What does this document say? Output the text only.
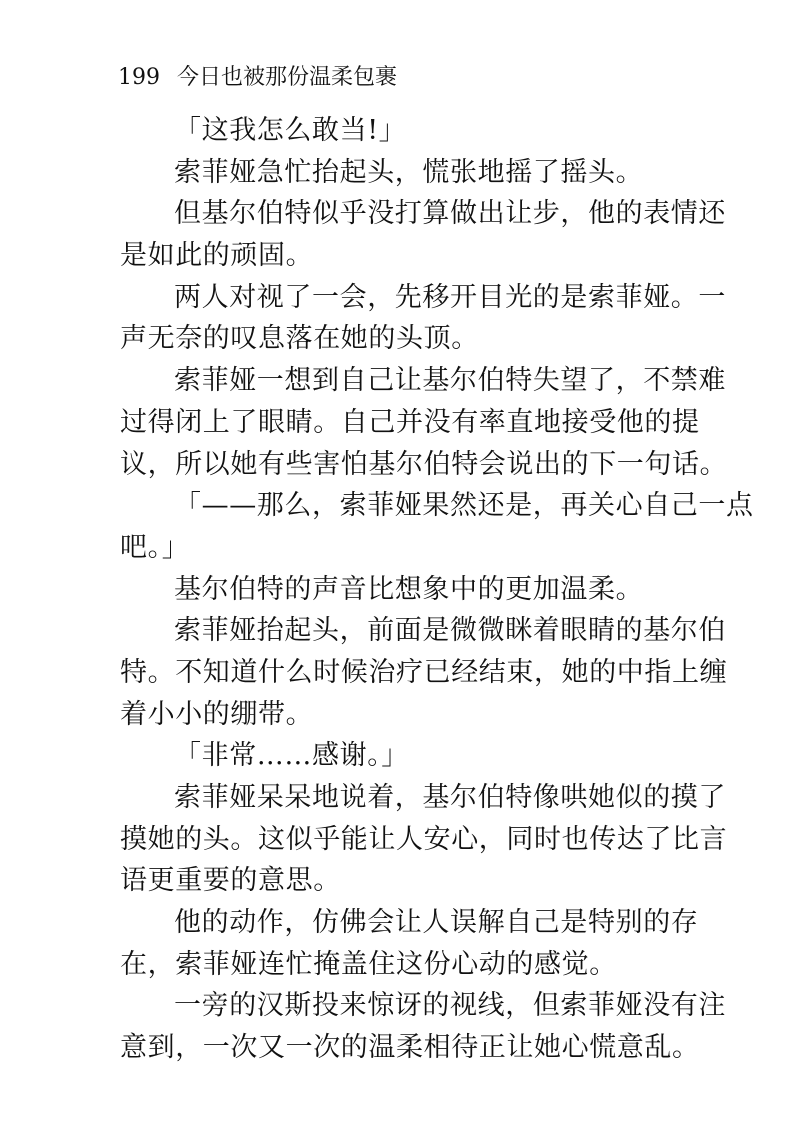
199 今日也被那份温柔包裹
「这我怎么敢当!」
索菲娅急忙抬起头，慌张地摇了摇头。
但基尔伯特似乎没打算做出让步，他的表情还
是如此的顽固。
两人对视了一会，先移开目光的是索菲娅。一
声无奈的叹息落在她的头顶。
索菲娅一想到自己让基尔伯特失望了，不禁难
过得闭上了眼睛。自己并没有率直地接受他的提
议，所以她有些害怕基尔伯特会说出的下一句话。
「——那么，索菲娅果然还是，再关心自己一点
吧。」
基尔伯特的声音比想象中的更加温柔。
索菲娅抬起头，前面是微微眯着眼睛的基尔伯
特。不知道什么时候治疗已经结束，她的中指上缠
着小小的绷带。
「非常……感谢。」
索菲娅呆呆地说着，基尔伯特像哄她似的摸了
摸她的头。这似乎能让人安心，同时也传达了比言
语更重要的意思。
他的动作，仿佛会让人误解自己是特别的存
在，索菲娅连忙掩盖住这份心动的感觉。
一旁的汉斯投来惊讶的视线，但索菲娅没有注
意到，一次又一次的温柔相待正让她心慌意乱。
